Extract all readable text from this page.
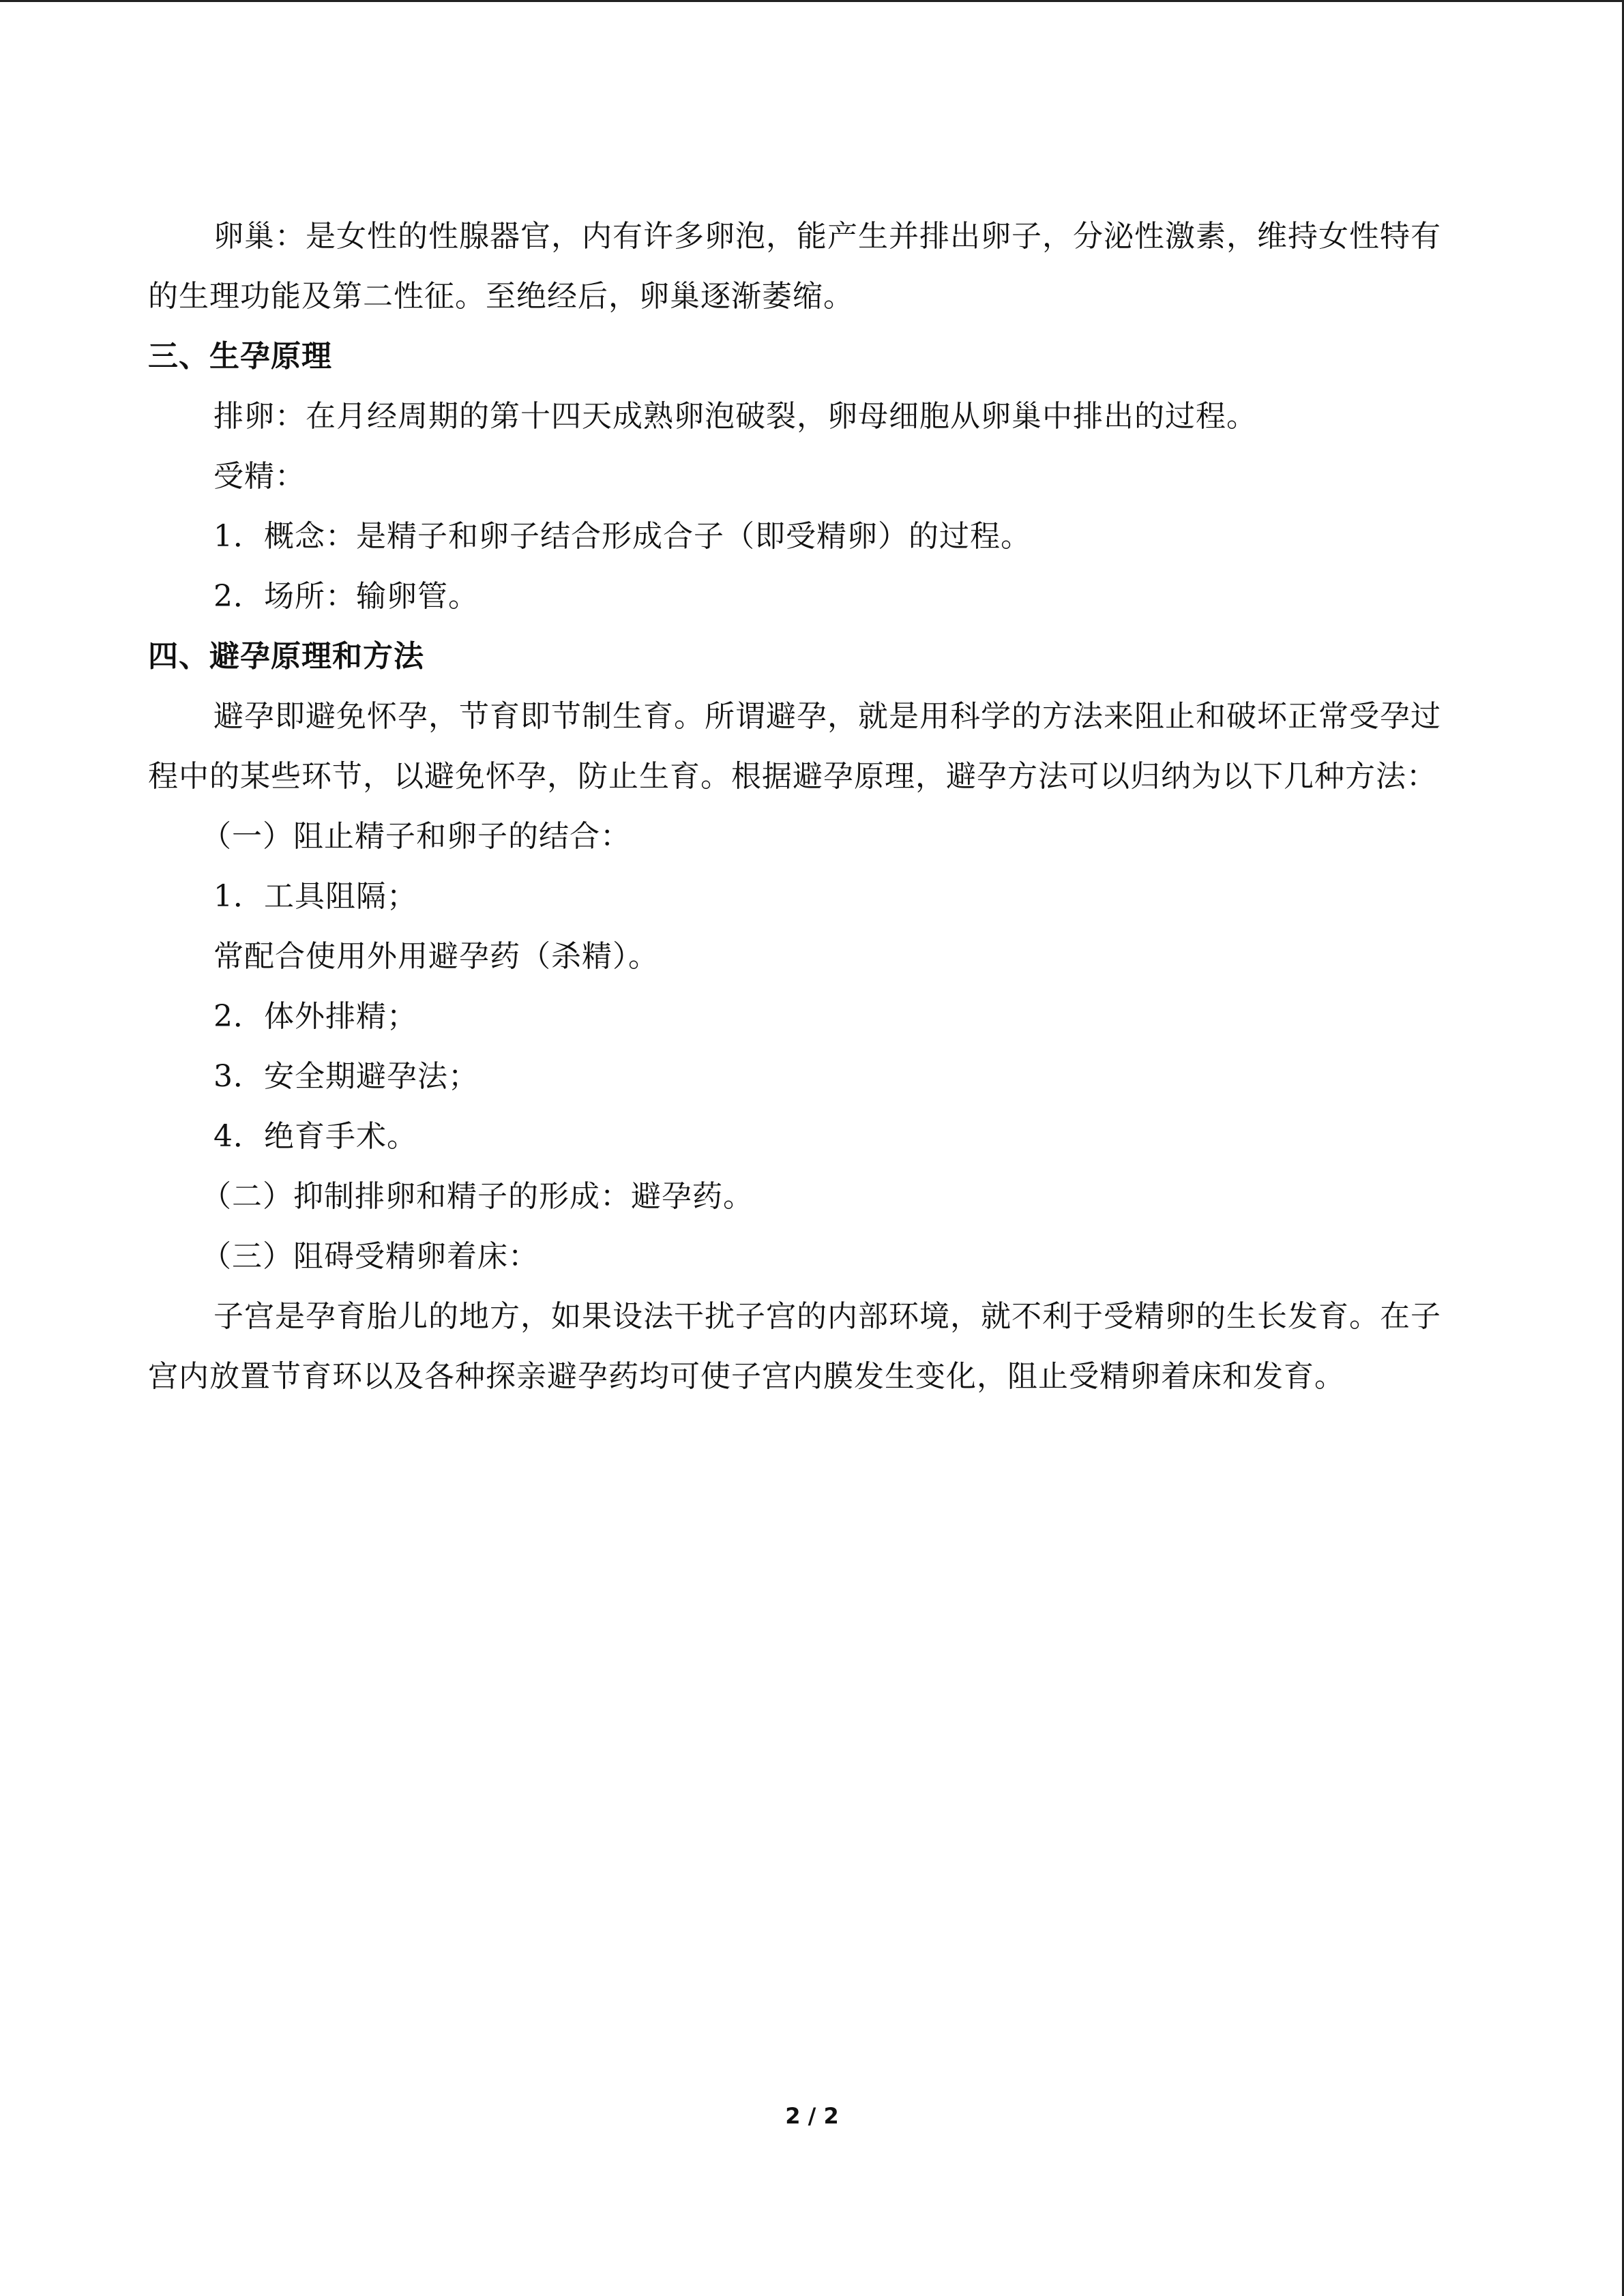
卵巢：是女性的性腺器官，内有许多卵泡，能产生并排出卵子，分泌性激素，维持女性特有的生理功能及第二性征。至绝经后，卵巢逐渐萎缩。

三、生孕原理

排卵：在月经周期的第十四天成熟卵泡破裂，卵母细胞从卵巢中排出的过程。

受精：

1．概念：是精子和卵子结合形成合子（即受精卵）的过程。

2．场所：输卵管。

四、避孕原理和方法

避孕即避免怀孕，节育即节制生育。所谓避孕，就是用科学的方法来阻止和破坏正常受孕过程中的某些环节，以避免怀孕，防止生育。根据避孕原理，避孕方法可以归纳为以下几种方法：

（一）阻止精子和卵子的结合：

1．工具阻隔；

常配合使用外用避孕药（杀精）。

2．体外排精；

3．安全期避孕法；

4．绝育手术。

（二）抑制排卵和精子的形成：避孕药。

（三）阻碍受精卵着床：

子宫是孕育胎儿的地方，如果设法干扰子宫的内部环境，就不利于受精卵的生长发育。在子宫内放置节育环以及各种探亲避孕药均可使子宫内膜发生变化，阻止受精卵着床和发育。

2 / 2
